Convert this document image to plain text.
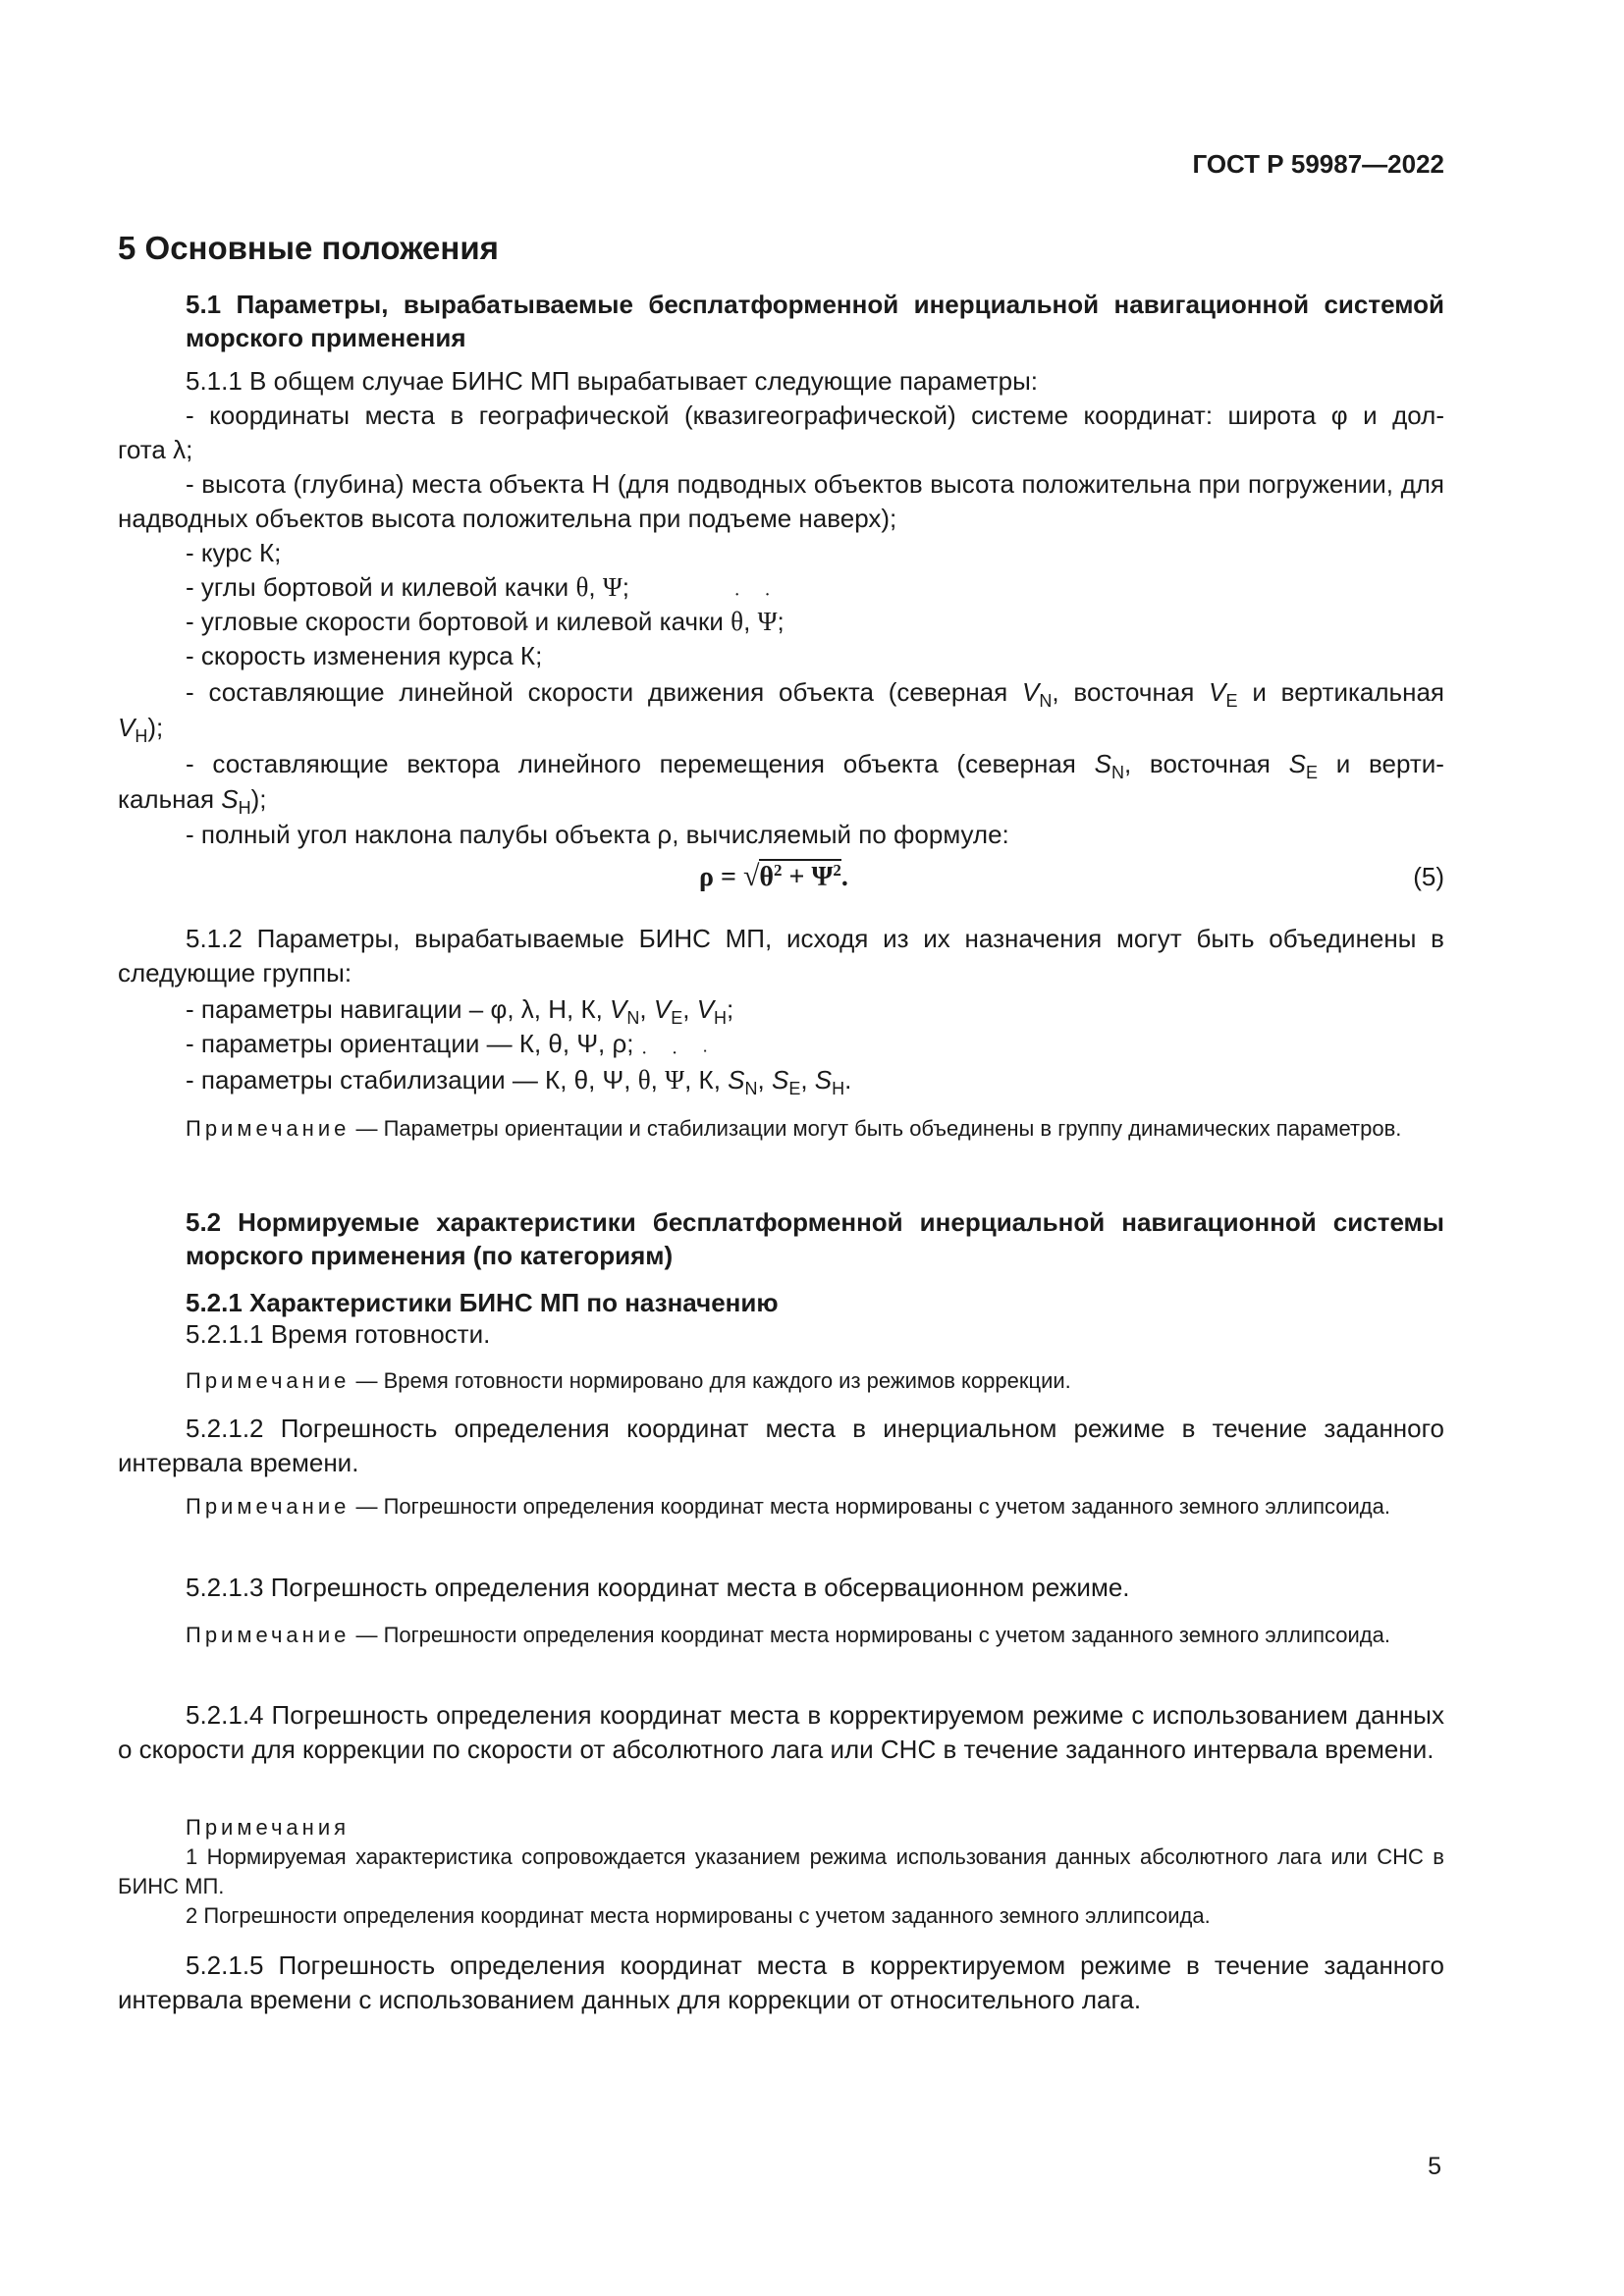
ГОСТ Р 59987—2022
5 Основные положения
5.1 Параметры, вырабатываемые бесплатформенной инерциальной навигационной системой морского применения
5.1.1 В общем случае БИНС МП вырабатывает следующие параметры:
- координаты места в географической (квазигеографической) системе координат: широта φ и дол-
гота λ;
- высота (глубина) места объекта Н (для подводных объектов высота положительна при погружении, для надводных объектов высота положительна при подъеме наверх);
- курс К;
- углы бортовой и килевой качки θ, Ψ;
- угловые скорости бортовой и килевой качки θ ˙, Ψ ˙;
- скорость изменения курса К ˙;
- составляющие линейной скорости движения объекта (северная $V_N$, восточная $V_E$ и вертикальная
$V_H$);
- составляющие вектора линейного перемещения объекта (северная $S_N$, восточная $S_E$ и верти-
кальная $S_H$);
- полный угол наклона палубы объекта ρ, вычисляемый по формуле:
$\rho = √\theta^2 + \Psi^2$.	(5)
5.1.2 Параметры, вырабатываемые БИНС МП, исходя из их назначения могут быть объединены в следующие группы:
- параметры навигации – φ, λ, Н, К, $V_N$, $V_E$, $V_H$;
- параметры ориентации — К, θ, Ψ, ρ;
- параметры стабилизации — К, θ, Ψ, θ ˙, Ψ ˙, К ˙, $S_N$, $S_E$, $S_H$.
Примечание — Параметры ориентации и стабилизации могут быть объединены в группу динамических параметров.
5.2 Нормируемые характеристики бесплатформенной инерциальной навигационной системы морского применения (по категориям)
5.2.1 Характеристики БИНС МП по назначению
5.2.1.1 Время готовности.
Примечание — Время готовности нормировано для каждого из режимов коррекции.
5.2.1.2 Погрешность определения координат места в инерциальном режиме в течение заданного интервала времени.
Примечание — Погрешности определения координат места нормированы с учетом заданного земного эллипсоида.
5.2.1.3 Погрешность определения координат места в обсервационном режиме.
Примечание — Погрешности определения координат места нормированы с учетом заданного земного эллипсоида.
5.2.1.4 Погрешность определения координат места в корректируемом режиме с использованием данных о скорости для коррекции по скорости от абсолютного лага или СНС в течение заданного интервала времени.
Примечания
1 Нормируемая характеристика сопровождается указанием режима использования данных абсолютного лага или СНС в БИНС МП.
2 Погрешности определения координат места нормированы с учетом заданного земного эллипсоида.
5.2.1.5 Погрешность определения координат места в корректируемом режиме в течение заданного интервала времени с использованием данных для коррекции от относительного лага.
5
